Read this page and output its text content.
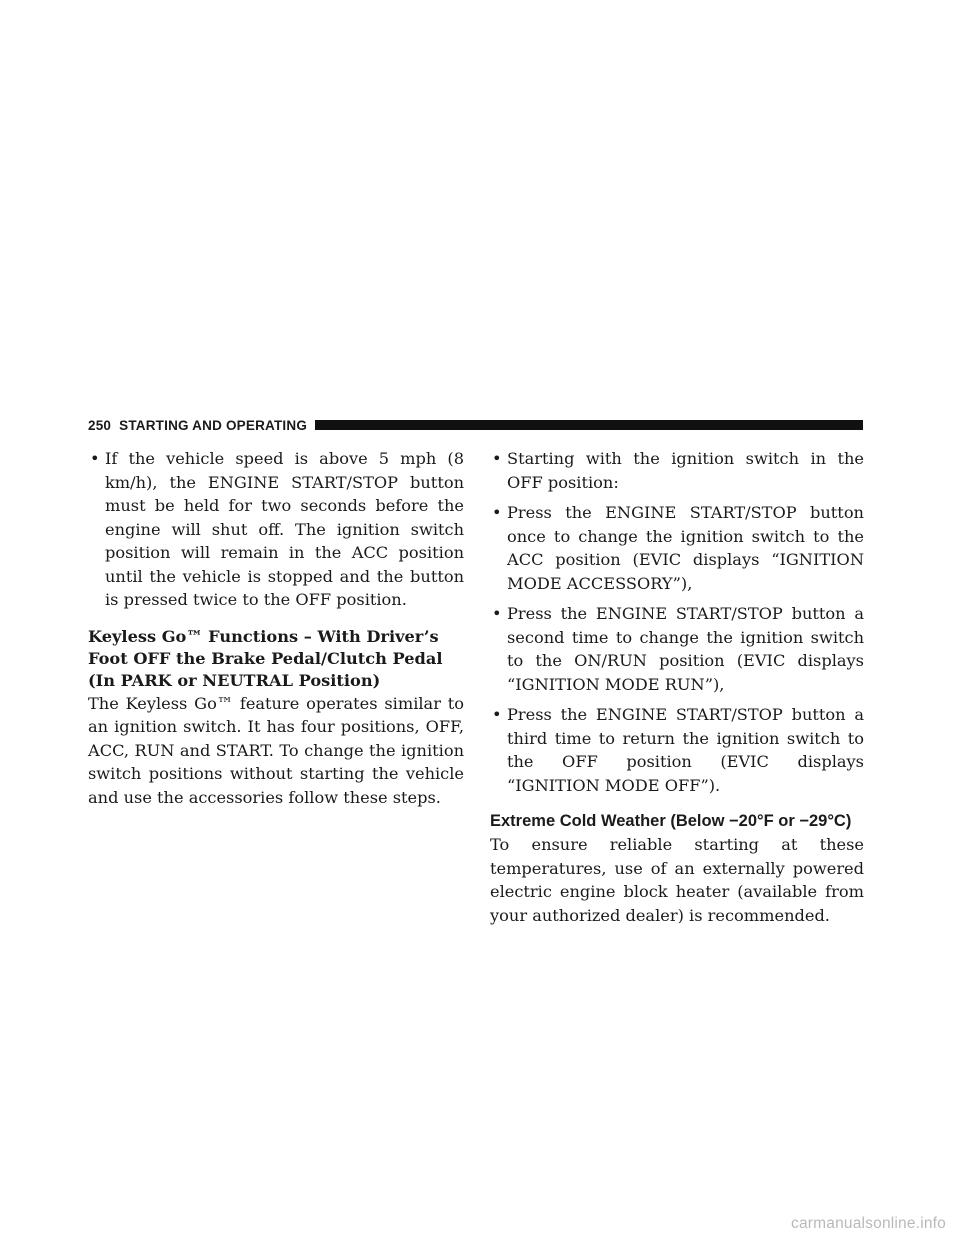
250 STARTING AND OPERATING
• If the vehicle speed is above 5 mph (8 km/h), the ENGINE START/STOP button must be held for two seconds before the engine will shut off. The ignition switch position will remain in the ACC position until the vehicle is stopped and the button is pressed twice to the OFF position.
Keyless Go™ Functions – With Driver’s Foot OFF the Brake Pedal/Clutch Pedal (In PARK or NEUTRAL Position)

The Keyless Go™ feature operates similar to an ignition switch. It has four positions, OFF, ACC, RUN and START. To change the ignition switch positions without starting the vehicle and use the accessories follow these steps.

• Starting with the ignition switch in the OFF position:
• Press the ENGINE START/STOP button once to change the ignition switch to the ACC position (EVIC displays “IGNITION MODE ACCESSORY”),
• Press the ENGINE START/STOP button a second time to change the ignition switch to the ON/RUN position (EVIC displays “IGNITION MODE RUN”),
• Press the ENGINE START/STOP button a third time to return the ignition switch to the OFF position (EVIC displays “IGNITION MODE OFF”).
Extreme Cold Weather (Below −20°F or −29°C)

To ensure reliable starting at these temperatures, use of an externally powered electric engine block heater (available from your authorized dealer) is recommended.

carmanualsonline.info
